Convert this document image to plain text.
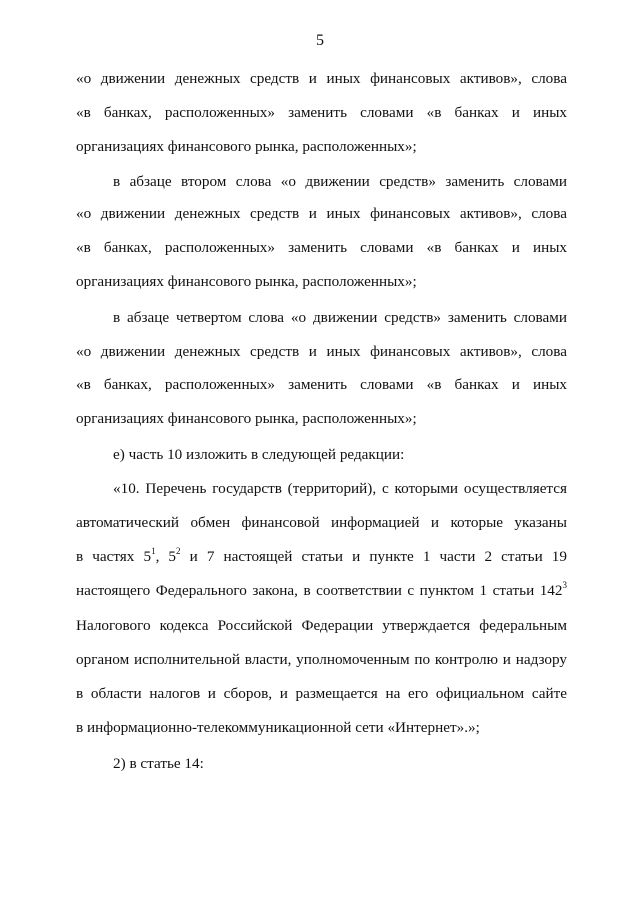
5
«о движении денежных средств и иных финансовых активов», слова
«в банках, расположенных» заменить словами «в банках и иных
организациях финансового рынка, расположенных»;
в абзаце втором слова «о движении средств» заменить словами
«о движении денежных средств и иных финансовых активов», слова
«в банках, расположенных» заменить словами «в банках и иных
организациях финансового рынка, расположенных»;
в абзаце четвертом слова «о движении средств» заменить словами
«о движении денежных средств и иных финансовых активов», слова
«в банках, расположенных» заменить словами «в банках и иных
организациях финансового рынка, расположенных»;
е) часть 10 изложить в следующей редакции:
«10. Перечень государств (территорий), с которыми осуществляется
автоматический обмен финансовой информацией и которые указаны
в частях $5^1$, $5^2$ и 7 настоящей статьи и пункте 1 части 2 статьи 19
настоящего Федерального закона, в соответствии с пунктом 1 статьи $142^3$
Налогового кодекса Российской Федерации утверждается федеральным
органом исполнительной власти, уполномоченным по контролю и надзору
в области налогов и сборов, и размещается на его официальном сайте
в информационно-телекоммуникационной сети «Интернет».»;
2) в статье 14:
